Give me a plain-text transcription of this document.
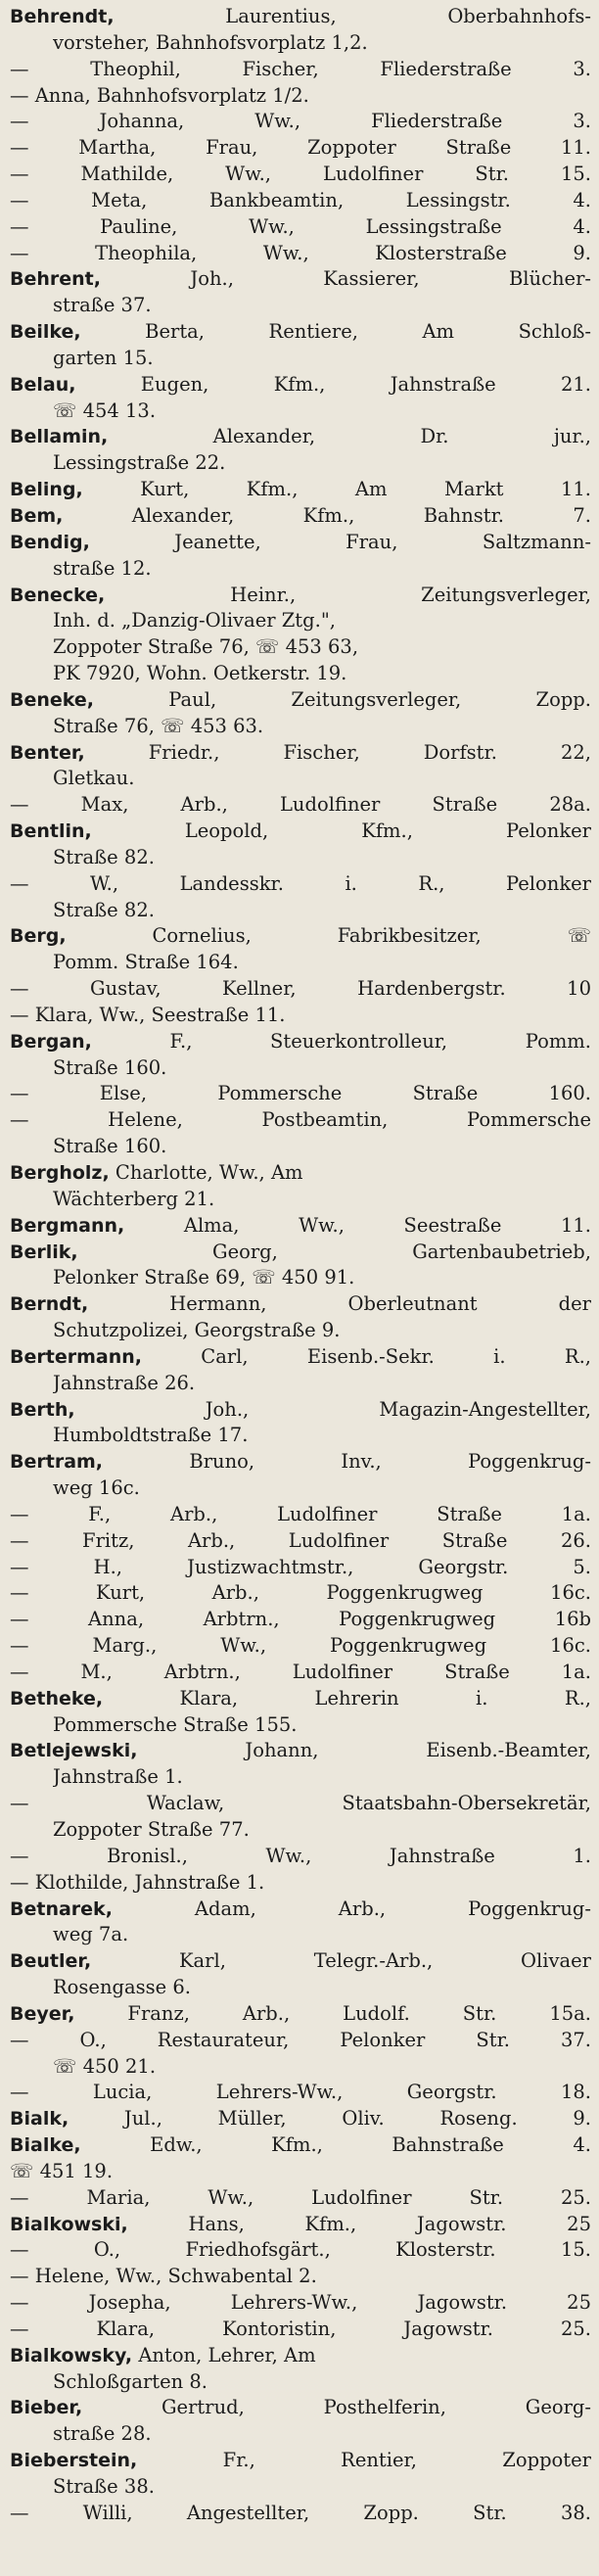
Behrendt, Laurentius, Oberbahnhofs-
vorsteher, Bahnhofsvorplatz 1,2.
— Theophil, Fischer, Fliederstraße 3.
— Anna, Bahnhofsvorplatz 1/2.
— Johanna, Ww., Fliederstraße 3.
— Martha, Frau, Zoppoter Straße 11.
— Mathilde, Ww., Ludolfiner Str. 15.
— Meta, Bankbeamtin, Lessingstr. 4.
— Pauline, Ww., Lessingstraße 4.
— Theophila, Ww., Klosterstraße 9.
Behrent, Joh., Kassierer, Blücher-
straße 37.
Beilke, Berta, Rentiere, Am Schloß-
garten 15.
Belau, Eugen, Kfm., Jahnstraße 21.
☏ 454 13.
Bellamin, Alexander, Dr. jur.,
Lessingstraße 22.
Beling, Kurt, Kfm., Am Markt 11.
Bem, Alexander, Kfm., Bahnstr. 7.
Bendig, Jeanette, Frau, Saltzmann-
straße 12.
Benecke, Heinr., Zeitungsverleger,
Inh. d. „Danzig-Olivaer Ztg.",
Zoppoter Straße 76, ☏ 453 63,
PK 7920, Wohn. Oetkerstr. 19.
Beneke, Paul, Zeitungsverleger, Zopp.
Straße 76, ☏ 453 63.
Benter, Friedr., Fischer, Dorfstr. 22,
Gletkau.
— Max, Arb., Ludolfiner Straße 28a.
Bentlin, Leopold, Kfm., Pelonker
Straße 82.
— W., Landesskr. i. R., Pelonker
Straße 82.
Berg, Cornelius, Fabrikbesitzer, ☏
Pomm. Straße 164.
— Gustav, Kellner, Hardenbergstr. 10
— Klara, Ww., Seestraße 11.
Bergan, F., Steuerkontrolleur, Pomm.
Straße 160.
— Else, Pommersche Straße 160.
— Helene, Postbeamtin, Pommersche
Straße 160.
Bergholz, Charlotte, Ww., Am
Wächterberg 21.
Bergmann, Alma, Ww., Seestraße 11.
Berlik, Georg, Gartenbaubetrieb,
Pelonker Straße 69, ☏ 450 91.
Berndt, Hermann, Oberleutnant der
Schutzpolizei, Georgstraße 9.
Bertermann, Carl, Eisenb.-Sekr. i. R.,
Jahnstraße 26.
Berth, Joh., Magazin-Angestellter,
Humboldtstraße 17.
Bertram, Bruno, Inv., Poggenkrug-
weg 16c.
— F., Arb., Ludolfiner Straße 1a.
— Fritz, Arb., Ludolfiner Straße 26.
— H., Justizwachtmstr., Georgstr. 5.
— Kurt, Arb., Poggenkrugweg 16c.
— Anna, Arbtrn., Poggenkrugweg 16b
— Marg., Ww., Poggenkrugweg 16c.
— M., Arbtrn., Ludolfiner Straße 1a.
Betheke, Klara, Lehrerin i. R.,
Pommersche Straße 155.
Betlejewski, Johann, Eisenb.-Beamter,
Jahnstraße 1.
— Waclaw, Staatsbahn-Obersekretär,
Zoppoter Straße 77.
— Bronisl., Ww., Jahnstraße 1.
— Klothilde, Jahnstraße 1.
Betnarek, Adam, Arb., Poggenkrug-
weg 7a.
Beutler, Karl, Telegr.-Arb., Olivaer
Rosengasse 6.
Beyer, Franz, Arb., Ludolf. Str. 15a.
— O., Restaurateur, Pelonker Str. 37.
☏ 450 21.
— Lucia, Lehrers-Ww., Georgstr. 18.
Bialk, Jul., Müller, Oliv. Roseng. 9.
Bialke, Edw., Kfm., Bahnstraße 4.
☏ 451 19.
— Maria, Ww., Ludolfiner Str. 25.
Bialkowski, Hans, Kfm., Jagowstr. 25
— O., Friedhofsgärt., Klosterstr. 15.
— Helene, Ww., Schwabental 2.
— Josepha, Lehrers-Ww., Jagowstr. 25
— Klara, Kontoristin, Jagowstr. 25.
Bialkowsky, Anton, Lehrer, Am
Schloßgarten 8.
Bieber, Gertrud, Posthelferin, Georg-
straße 28.
Bieberstein, Fr., Rentier, Zoppoter
Straße 38.
— Willi, Angestellter, Zopp. Str. 38.
